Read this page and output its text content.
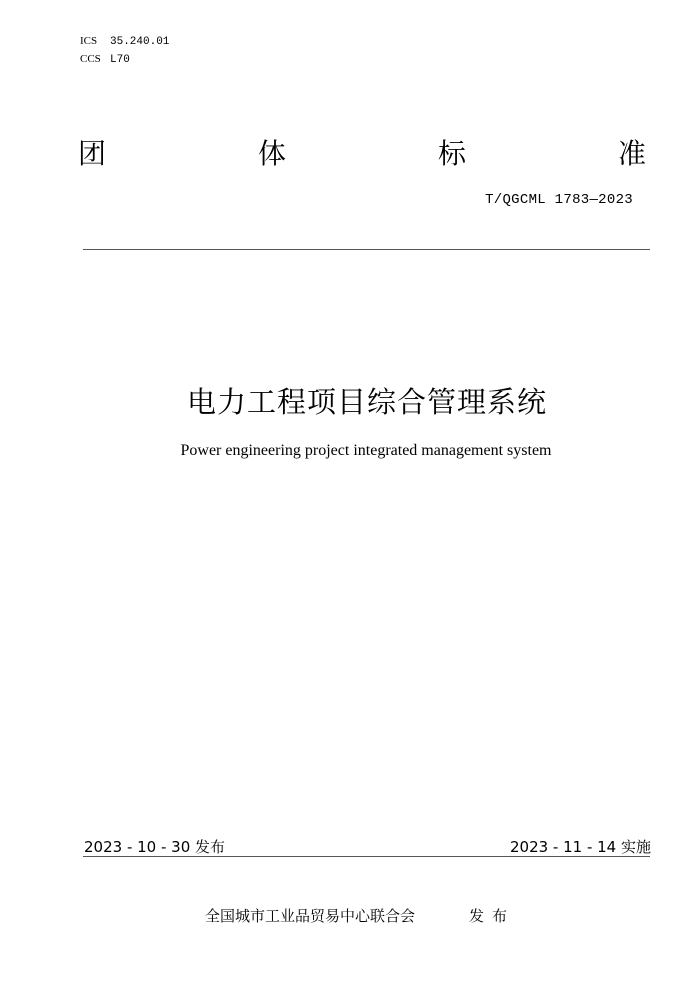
ICS 35.240.01
CCS L70
团	体	标	准
T/QGCML 1783—2023
电力工程项目综合管理系统
Power engineering project integrated management system
2023 - 10 - 30 发布	2023 - 11 - 14 实施
全国城市工业品贸易中心联合会	发布
